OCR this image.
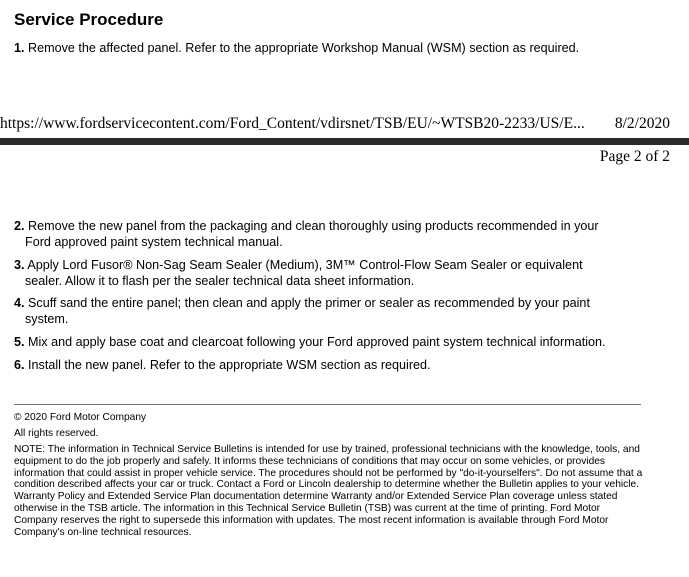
Service Procedure
1. Remove the affected panel. Refer to the appropriate Workshop Manual (WSM) section as required.
https://www.fordservicecontent.com/Ford_Content/vdirsnet/TSB/EU/~WTSB20-2233/US/E... 8/2/2020
Page 2 of 2
2. Remove the new panel from the packaging and clean thoroughly using products recommended in your
Ford approved paint system technical manual.
3. Apply Lord Fusor® Non-Sag Seam Sealer (Medium), 3M™ Control-Flow Seam Sealer or equivalent
sealer. Allow it to flash per the sealer technical data sheet information.
4. Scuff sand the entire panel; then clean and apply the primer or sealer as recommended by your paint
system.
5. Mix and apply base coat and clearcoat following your Ford approved paint system technical information.
6. Install the new panel. Refer to the appropriate WSM section as required.
© 2020 Ford Motor Company
All rights reserved.
NOTE: The information in Technical Service Bulletins is intended for use by trained, professional technicians with the knowledge, tools, and equipment to do the job properly and safely. It informs these technicians of conditions that may occur on some vehicles, or provides information that could assist in proper vehicle service. The procedures should not be performed by "do-it-yourselfers". Do not assume that a condition described affects your car or truck. Contact a Ford or Lincoln dealership to determine whether the Bulletin applies to your vehicle. Warranty Policy and Extended Service Plan documentation determine Warranty and/or Extended Service Plan coverage unless stated otherwise in the TSB article. The information in this Technical Service Bulletin (TSB) was current at the time of printing. Ford Motor Company reserves the right to supersede this information with updates. The most recent information is available through Ford Motor Company's on-line technical resources.
